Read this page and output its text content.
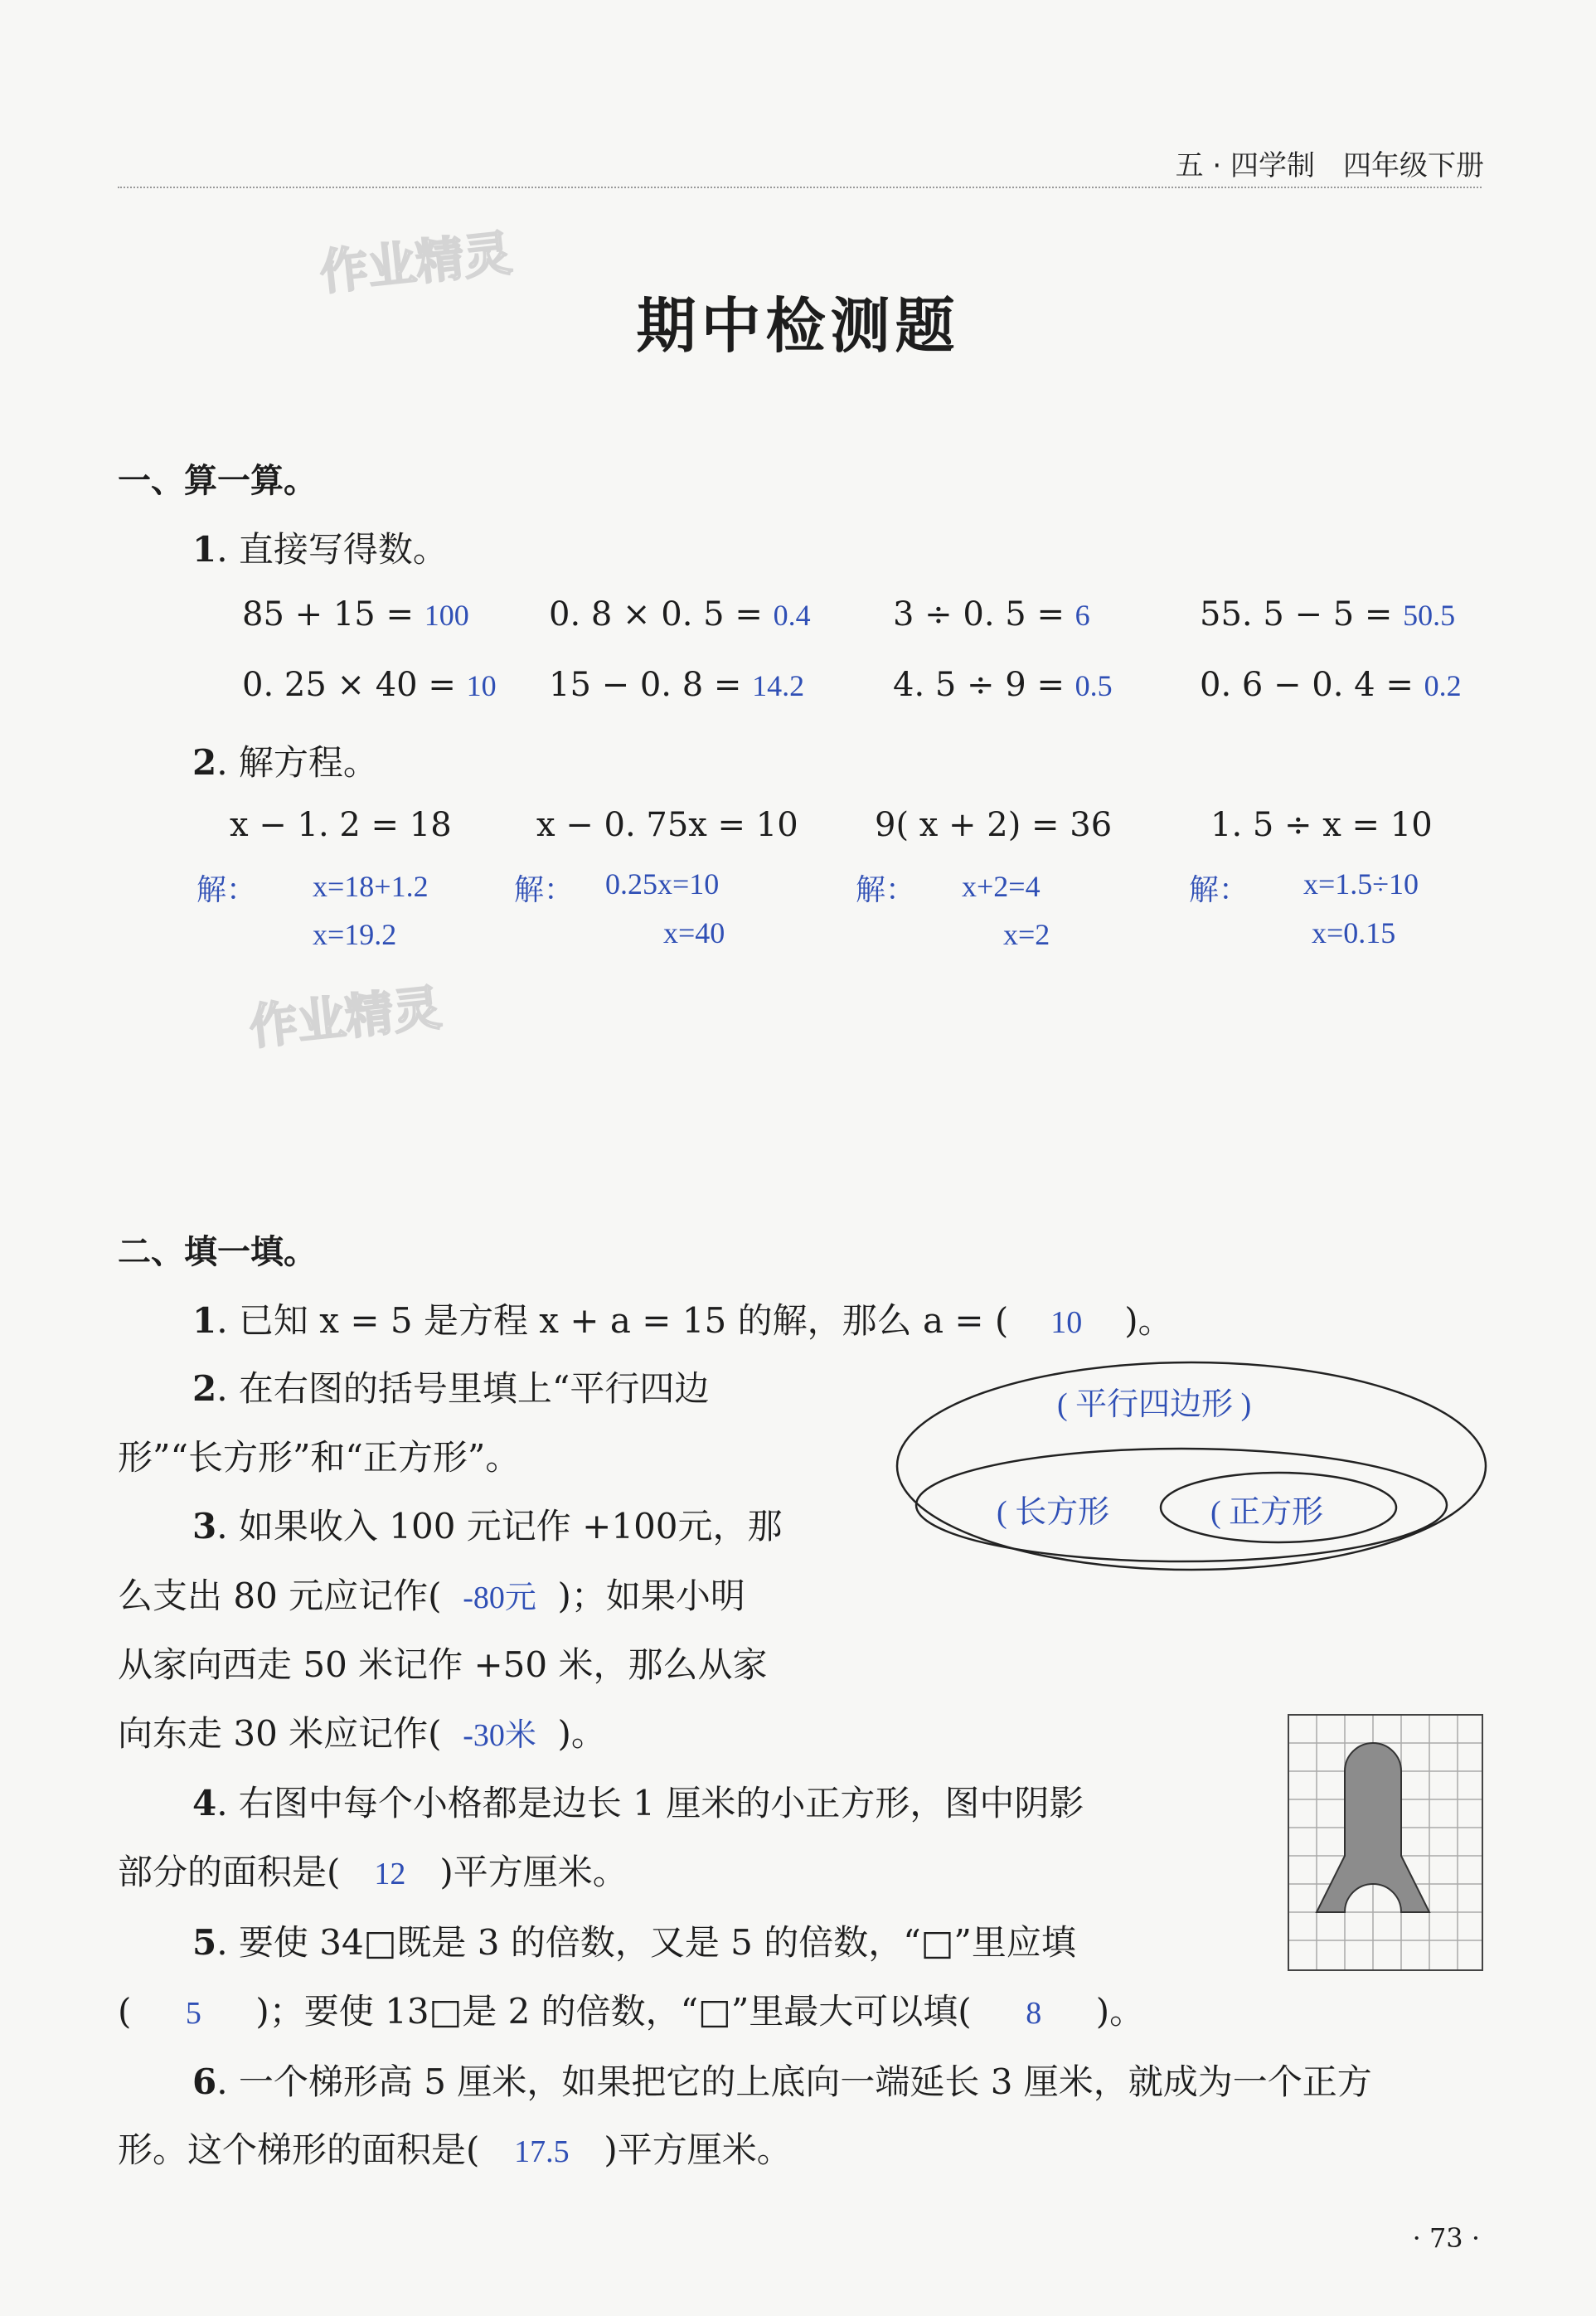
五 · 四学制　四年级下册
作业精灵
作业精灵
期中检测题
一、算一算。
1. 直接写得数。
85 + 15 = 100 0. 8 × 0. 5 = 0.4 3 ÷ 0. 5 = 6	55. 5 − 5 = 50.5
0. 25 × 40 = 10 15 − 0. 8 = 14.2	4. 5 ÷ 9 = 0.5	0. 6 − 0. 4 = 0.2
2. 解方程。
x − 1. 2 = 18	x − 0. 75x = 10 9( x + 2) = 36	1. 5 ÷ x = 10
解： x=18+1.2
x=19.2
解： 0.25x=10
x=40
解： x+2=4
x=2
解： x=1.5÷10
x=0.15
二、填一填。
1. 已知 x = 5 是方程 x + a = 15 的解，那么 a = ( 10 )。
2. 在右图的括号里填上“平行四边
形”“长方形”和“正方形”。
( 平行四边形 )
( 长方形	( 正方形
3. 如果收入 100 元记作 +100元，那
么支出 80 元应记作( -80元 )；如果小明
从家向西走 50 米记作 +50 米，那么从家
向东走 30 米应记作( -30米 )。
4. 右图中每个小格都是边长 1 厘米的小正方形，图中阴影
部分的面积是( 12 )平方厘米。
5. 要使 34□既是 3 的倍数，又是 5 的倍数，“□”里应填
( 5 )；要使 13□是 2 的倍数，“□”里最大可以填( 8 )。
6. 一个梯形高 5 厘米，如果把它的上底向一端延长 3 厘米，就成为一个正方
形。这个梯形的面积是( 17.5 )平方厘米。
· 73 ·
